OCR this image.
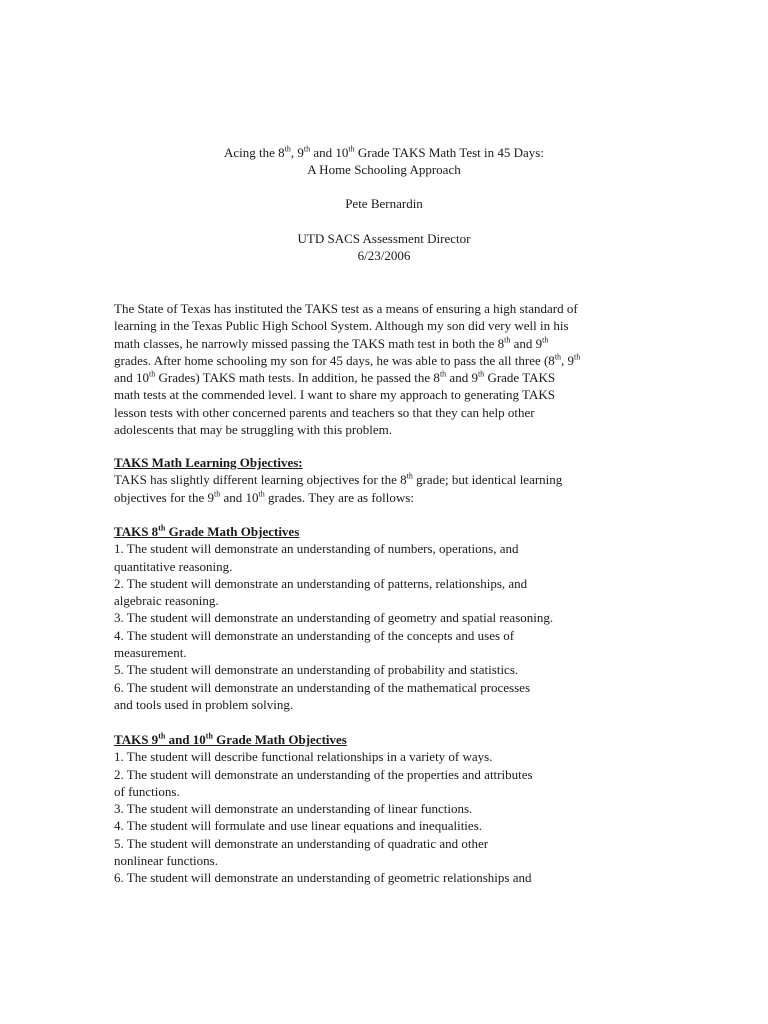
Acing the 8th, 9th and 10th Grade TAKS Math Test in 45 Days:
A Home Schooling Approach
Pete Bernardin
UTD SACS Assessment Director
6/23/2006
The State of Texas has instituted the TAKS test as a means of ensuring a high standard of
learning in the Texas Public High School System. Although my son did very well in his
math classes, he narrowly missed passing the TAKS math test in both the 8th and 9th
grades. After home schooling my son for 45 days, he was able to pass the all three (8th, 9th
and 10th Grades) TAKS math tests. In addition, he passed the 8th and 9th Grade TAKS
math tests at the commended level. I want to share my approach to generating TAKS
lesson tests with other concerned parents and teachers so that they can help other
adolescents that may be struggling with this problem.
TAKS Math Learning Objectives:
TAKS has slightly different learning objectives for the 8th grade; but identical learning
objectives for the 9th and 10th grades. They are as follows:
TAKS 8th Grade Math Objectives
1. The student will demonstrate an understanding of numbers, operations, and
quantitative reasoning.
2. The student will demonstrate an understanding of patterns, relationships, and
algebraic reasoning.
3. The student will demonstrate an understanding of geometry and spatial reasoning.
4. The student will demonstrate an understanding of the concepts and uses of
measurement.
5. The student will demonstrate an understanding of probability and statistics.
6. The student will demonstrate an understanding of the mathematical processes
and tools used in problem solving.
TAKS 9th and 10th Grade Math Objectives
1. The student will describe functional relationships in a variety of ways.
2. The student will demonstrate an understanding of the properties and attributes
of functions.
3. The student will demonstrate an understanding of linear functions.
4. The student will formulate and use linear equations and inequalities.
5. The student will demonstrate an understanding of quadratic and other
nonlinear functions.
6. The student will demonstrate an understanding of geometric relationships and
